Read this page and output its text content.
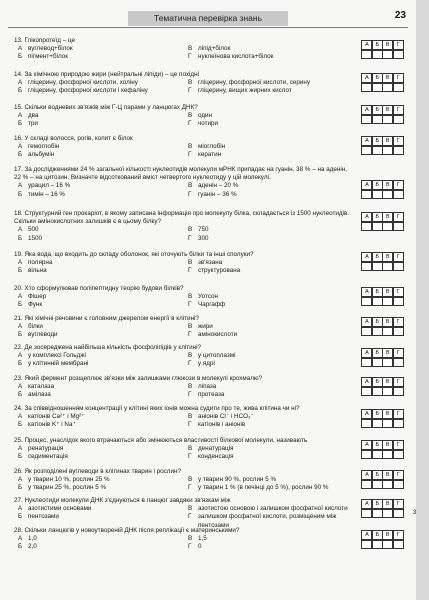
Тематична перевірка знань	23
13. Глікопротеїд – це
А вуглевод+білок	В ліпід+білок
Б пігмент+білок	Г	нуклеїнова кислота+білок
14. За хімічною природою жири (нейтральні ліпіди) – це похідні
А гліцерину, фосфорної кислоти, холіну	В гліцерину, фосфорної кислоти, серину
Б гліцерину, фосфорної кислоти і кефаліну	Г	гліцерину, вищих жирних кислот
15. Скільки водневих зв'язків між Г-Ц парами у ланцюгах ДНК?
А два	В один
Б три	Г	чотири
16. У складі волосся, рогів, копит є білок
А гемоглобін	В міоглобін
Б альбумін	Г	кератин
17. За дослідженнями 24 % загальної кількості нуклеотидів молекули мРНК припадає на гуанін, 38 % – на аденін, 22 % – на цитозин. Визначте відсоткований вміст четвертого нуклеотиду у цій молекулі.
А урацил – 16 %	В аденін – 20 %
Б тимін – 16 %	Г	гуанін – 36 %
18. Структурний ген прокаріот, в якому записана інформація про молекулу білка, складається із 1500 нуклеотидів. Скільки амінокислотних залишків є в цьому білку?
А 500	В 750
Б 1500	Г	300
19. Яка вода, що входить до складу оболонок, які оточують білки та інші сполуки?
А полярна	В зв'язана
Б вільна	Г	структурована
20. Хто сформулював поліпептидну теорію будови білків?
А Фішер	В Уотсон
Б Функ	Г	Чаргафф
21. Які хімічні речовини є головним джерелом енергії в клітині?
А білки	В жири
Б вуглеводи	Г	амінокислоти
22. Де зосереджена найбільша кількість фосфоліпідів у клітині?
А у комплексі Гольджі	В у цитоплазмі
Б у клітинній мембрані	Г	у ядрі
23. Який фермент розщеплює зв'язки між залишками глюкози в молекулі крохмалю?
А каталаза	В ліпаза
Б амілаза	Г	протеаза
24. За співвідношенням концентрації у клітині яких іонів можна судити про те, жива клітина чи ні?
А катіонів Ca²⁺ і Mg²⁺	В аніонів Cl⁻ і HCO₃⁻
Б катіонів K⁺ і Na⁺	Г	катіонів і аніонів
25. Процес, унаслідок якого втрачаються або змінюються властивості білкової молекули, називають
А ренатурація	В денатурація
Б седиментація	Г	конденсація
26. Як розподілені вуглеводи в клітинах тварин і рослин?
А у тварин 10 %, рослин 25 %	В у тварин 90 %, рослин 5 %
Б у тварин 25 %, рослин 5 %	Г	у тварин 1 % (в печінці до 5 %), рослин 90 %
27. Нуклеотиди молекули ДНК з'єднуються в ланцюг завдяки зв'язкам між
А азотистими основами	В азотистою основою і залишком фосфатної кислоти
Б пентозами	Г	залишком фосфатної кислоти, розміщеним між пентозами
28. Скільки ланцюгів у новоутвореній ДНК після реплікації є материнськими?
А 1,0	В 1,5
Б 2,0	Г	0
А	Б	В	Г
А	Б	В	Г
А	Б	В	Г
А	Б	В	Г
А	Б	В	Г
А	Б	В	Г
А	Б	В	Г
А	Б	В	Г
А	Б	В	Г
А	Б	В	Г
А	Б	В	Г
А	Б	В	Г
А	Б	В	Г
А	Б	В	Г
А	Б	В	Г
А	Б	В	Г
3
